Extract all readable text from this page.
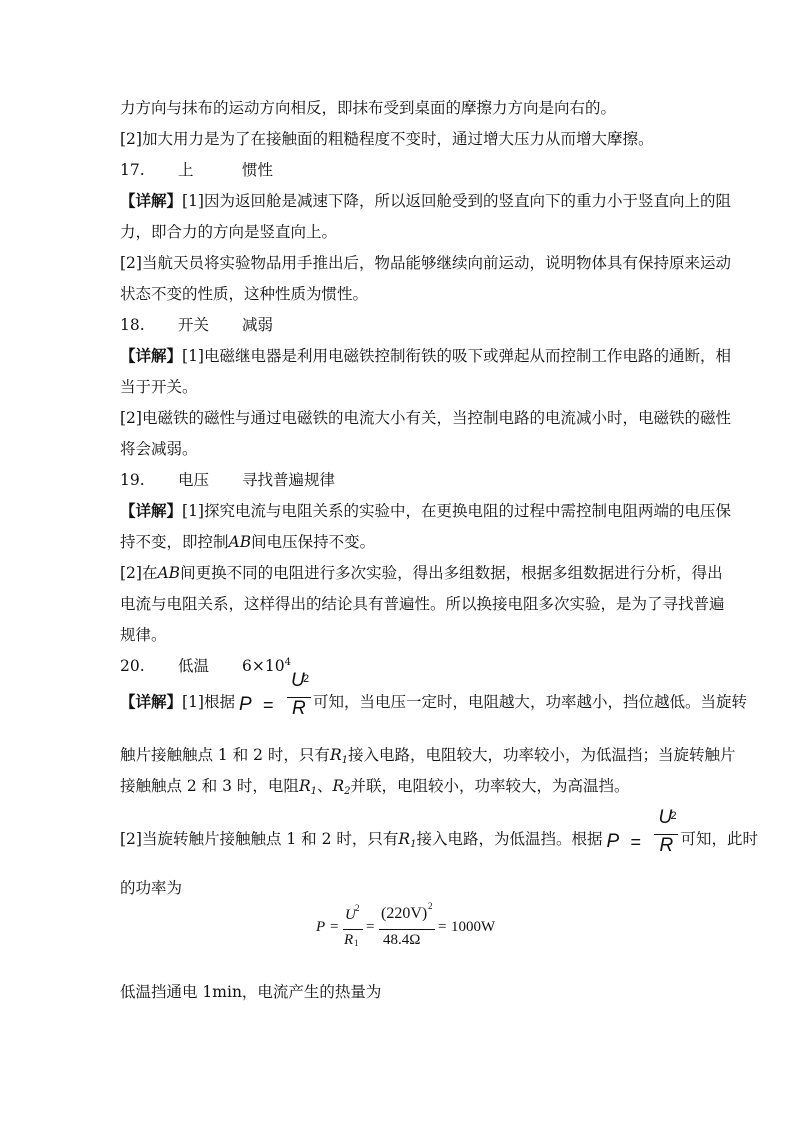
力方向与抹布的运动方向相反，即抹布受到桌面的摩擦力方向是向右的。
[2]加大用力是为了在接触面的粗糙程度不变时，通过增大压力从而增大摩擦。
17. 上	惯性
【详解】[1]因为返回舱是减速下降，所以返回舱受到的竖直向下的重力小于竖直向上的阻
力，即合力的方向是竖直向上。
[2]当航天员将实验物品用手推出后，物品能够继续向前运动，说明物体具有保持原来运动
状态不变的性质，这种性质为惯性。
18. 开关 减弱
【详解】[1]电磁继电器是利用电磁铁控制衔铁的吸下或弹起从而控制工作电路的通断，相
当于开关。
[2]电磁铁的磁性与通过电磁铁的电流大小有关，当控制电路的电流减小时，电磁铁的磁性
将会减弱。
19. 电压 寻找普遍规律
【详解】[1]探究电流与电阻关系的实验中，在更换电阻的过程中需控制电阻两端的电压保
持不变，即控制AB间电压保持不变。
[2]在AB间更换不同的电阻进行多次实验，得出多组数据，根据多组数据进行分析，得出
电流与电阻关系，这样得出的结论具有普遍性。所以换接电阻多次实验，是为了寻找普遍
规律。
20. 低温 $6\times 10^4$
【详解】[1]根据 P =
U
2
R 可知，当电压一定时，电阻越大，功率越小，挡位越低。当旋转
触片接触触点 1 和 2 时，只有$R_1$接入电路，电阻较大，功率较小，为低温挡；当旋转触片
接触触点 2 和 3 时，电阻$R_1$、$R_2$并联，电阻较小，功率较大，为高温挡。
[2]当旋转触片接触触点 1 和 2 时，只有$R_1$接入电路，为低温挡。根据 P =
U
2
R 可知，此时
的功率为
P =
U 2
R 1
=
(220V) 2
48.4Ω
= 1000W
低温挡通电 1min，电流产生的热量为
